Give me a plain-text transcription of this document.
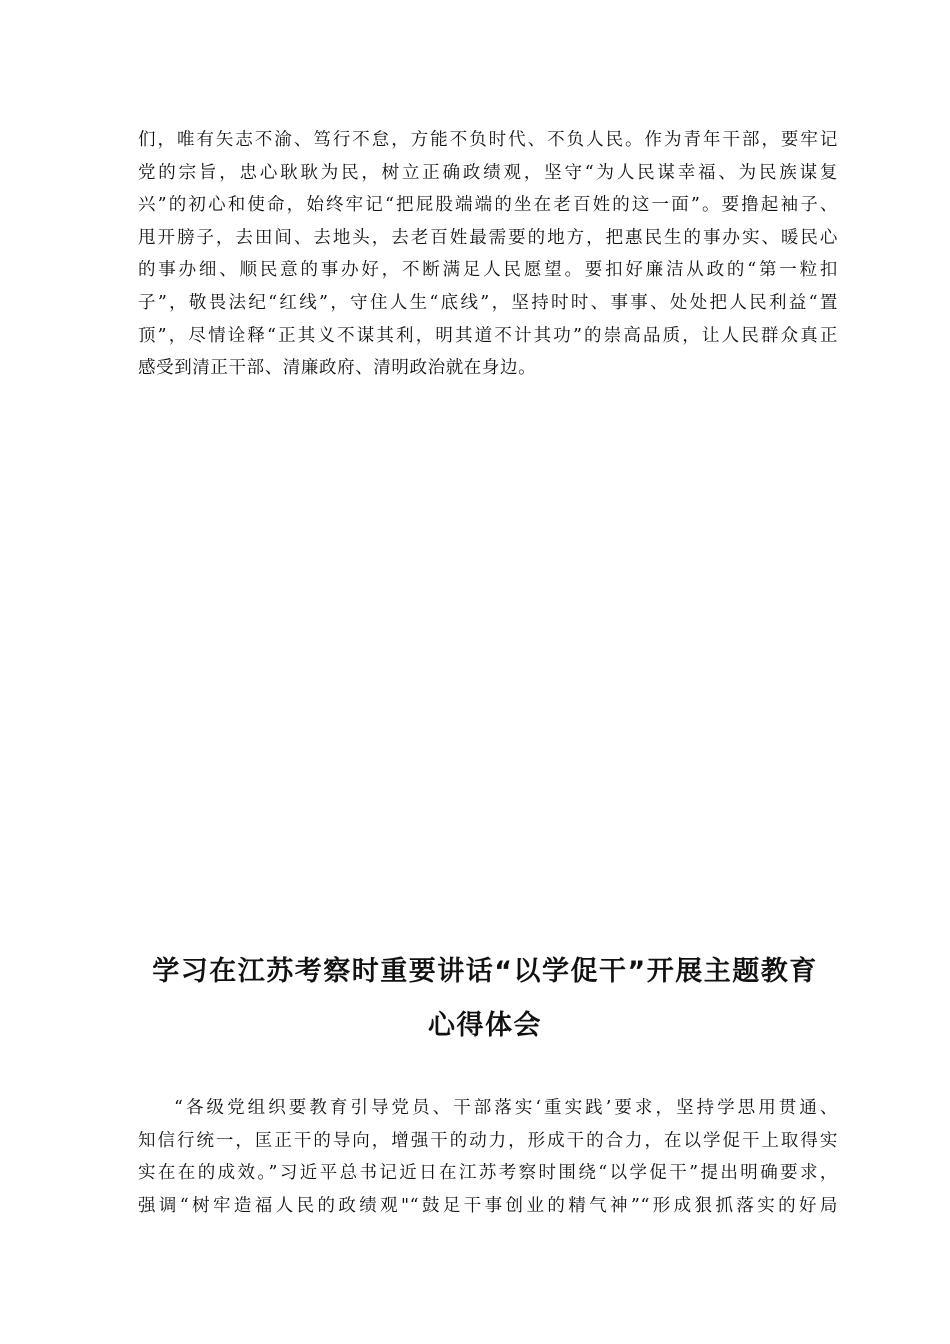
们，唯有矢志不渝、笃行不怠，方能不负时代、不负人民。作为青年干部，要牢记
党的宗旨，忠心耿耿为民，树立正确政绩观，坚守“为人民谋幸福、为民族谋复
兴”的初心和使命，始终牢记“把屁股端端的坐在老百姓的这一面”。要撸起袖子、
甩开膀子，去田间、去地头，去老百姓最需要的地方，把惠民生的事办实、暖民心
的事办细、顺民意的事办好，不断满足人民愿望。要扣好廉洁从政的“第一粒扣
子”，敬畏法纪“红线”，守住人生“底线”，坚持时时、事事、处处把人民利益“置
顶”，尽情诠释“正其义不谋其利，明其道不计其功”的崇高品质，让人民群众真正
感受到清正干部、清廉政府、清明政治就在身边。
学习在江苏考察时重要讲话“以学促干”开展主题教育
心得体会
“各级党组织要教育引导党员、干部落实‘重实践’要求，坚持学思用贯通、
知信行统一，匡正干的导向，增强干的动力，形成干的合力，在以学促干上取得实
实在在的成效。”习近平总书记近日在江苏考察时围绕“以学促干”提出明确要求，
强调“树牢造福人民的政绩观"“鼓足干事创业的精气神”“形成狠抓落实的好局
